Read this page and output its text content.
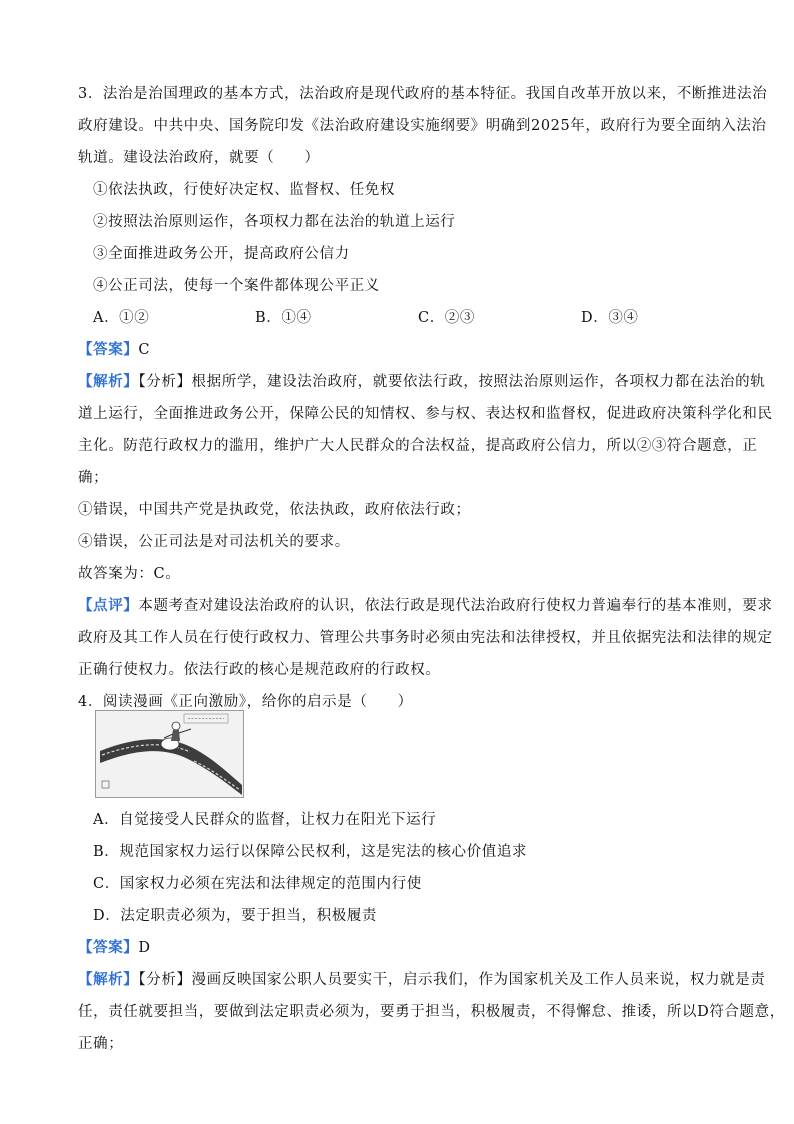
3．法治是治国理政的基本方式，法治政府是现代政府的基本特征。我国自改革开放以来，不断推进法治
政府建设。中共中央、国务院印发《法治政府建设实施纲要》明确到2025年，政府行为要全面纳入法治
轨道。建设法治政府，就要（　　）
①依法执政，行使好决定权、监督权、任免权
②按照法治原则运作，各项权力都在法治的轨道上运行
③全面推进政务公开，提高政府公信力
④公正司法，使每一个案件都体现公平正义
A．①②	B．①④	C．②③	D．③④
【答案】C
【解析】【分析】根据所学，建设法治政府，就要依法行政，按照法治原则运作，各项权力都在法治的轨
道上运行，全面推进政务公开，保障公民的知情权、参与权、表达权和监督权，促进政府决策科学化和民
主化。防范行政权力的滥用，维护广大人民群众的合法权益，提高政府公信力，所以②③符合题意，正
确；
①错误，中国共产党是执政党，依法执政，政府依法行政；
④错误，公正司法是对司法机关的要求。
故答案为：C。
【点评】本题考查对建设法治政府的认识，依法行政是现代法治政府行使权力普遍奉行的基本准则，要求
政府及其工作人员在行使行政权力、管理公共事务时必须由宪法和法律授权，并且依据宪法和法律的规定
正确行使权力。依法行政的核心是规范政府的行政权。
4．阅读漫画《正向激励》，给你的启示是（　　）
A．自觉接受人民群众的监督，让权力在阳光下运行
B．规范国家权力运行以保障公民权利，这是宪法的核心价值追求
C．国家权力必须在宪法和法律规定的范围内行使
D．法定职责必须为，要于担当，积极履责
【答案】D
【解析】【分析】漫画反映国家公职人员要实干，启示我们，作为国家机关及工作人员来说，权力就是责
任，责任就要担当，要做到法定职责必须为，要勇于担当，积极履责，不得懈怠、推诿，所以D符合题意，
正确；
